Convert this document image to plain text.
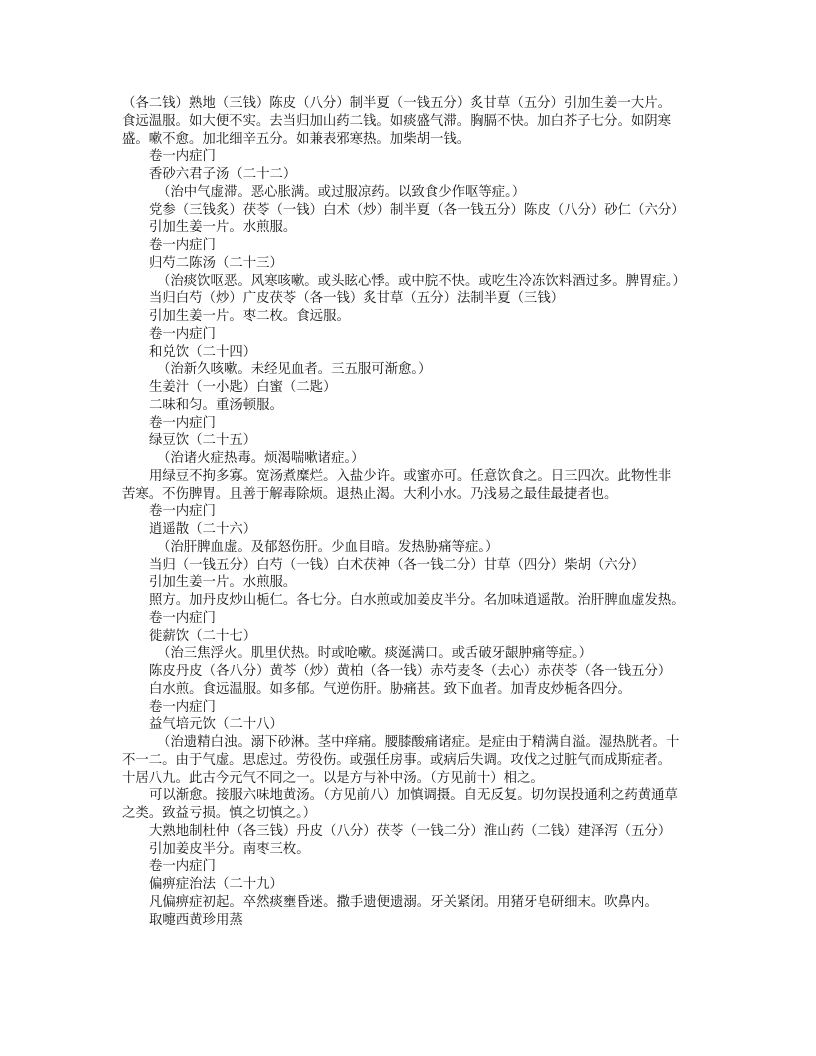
（各二钱）熟地（三钱）陈皮（八分）制半夏（一钱五分）炙甘草（五分）引加生姜一大片。
食远温服。如大便不实。去当归加山药二钱。如痰盛气滞。胸膈不快。加白芥子七分。如阴寒
盛。嗽不愈。加北细辛五分。如兼表邪寒热。加柴胡一钱。
卷一内症门
香砂六君子汤（二十二）
（治中气虚滞。恶心胀满。或过服凉药。以致食少作呕等症。）
党参（三钱炙）茯苓（一钱）白术（炒）制半夏（各一钱五分）陈皮（八分）砂仁（六分）
引加生姜一片。水煎服。
卷一内症门
归芍二陈汤（二十三）
（治痰饮呕恶。风寒咳嗽。或头眩心悸。或中脘不快。或吃生冷冻饮料酒过多。脾胃症。）
当归白芍（炒）广皮茯苓（各一钱）炙甘草（五分）法制半夏（三钱）
引加生姜一片。枣二枚。食远服。
卷一内症门
和兑饮（二十四）
（治新久咳嗽。未经见血者。三五服可渐愈。）
生姜汁（一小匙）白蜜（二匙）
二味和匀。重汤顿服。
卷一内症门
绿豆饮（二十五）
（治诸火症热毒。烦渴喘嗽诸症。）
用绿豆不拘多寡。宽汤煮糜烂。入盐少许。或蜜亦可。任意饮食之。日三四次。此物性非
苦寒。不伤脾胃。且善于解毒除烦。退热止渴。大利小水。乃浅易之最佳最捷者也。
卷一内症门
逍遥散（二十六）
（治肝脾血虚。及郁怒伤肝。少血目暗。发热胁痛等症。）
当归（一钱五分）白芍（一钱）白术茯神（各一钱二分）甘草（四分）柴胡（六分）
引加生姜一片。水煎服。
照方。加丹皮炒山栀仁。各七分。白水煎或加姜皮半分。名加味逍遥散。治肝脾血虚发热。
卷一内症门
徙薪饮（二十七）
（治三焦浮火。肌里伏热。时或呛嗽。痰涎满口。或舌破牙龈肿痛等症。）
陈皮丹皮（各八分）黄芩（炒）黄柏（各一钱）赤芍麦冬（去心）赤茯苓（各一钱五分）
白水煎。食远温服。如多郁。气逆伤肝。胁痛甚。致下血者。加青皮炒栀各四分。
卷一内症门
益气培元饮（二十八）
（治遗精白浊。溺下砂淋。茎中痒痛。腰膝酸痛诸症。是症由于精满自溢。湿热胱者。十
不一二。由于气虚。思虑过。劳役伤。或强任房事。或病后失调。攻伐之过脏气而成斯症者。
十居八九。此古今元气不同之一。以是方与补中汤。（方见前十）相之。
可以渐愈。接服六味地黄汤。（方见前八）加慎调摄。自无反复。切勿误投通利之药黄通草
之类。致益亏损。慎之切慎之。）
大熟地制杜仲（各三钱）丹皮（八分）茯苓（一钱二分）淮山药（二钱）建泽泻（五分）
引加姜皮半分。南枣三枚。
卷一内症门
偏痹症治法（二十九）
凡偏痹症初起。卒然痰壅昏迷。撒手遗便遗溺。牙关紧闭。用猪牙皂研细末。吹鼻内。
取嚏西黄珍用蒸
